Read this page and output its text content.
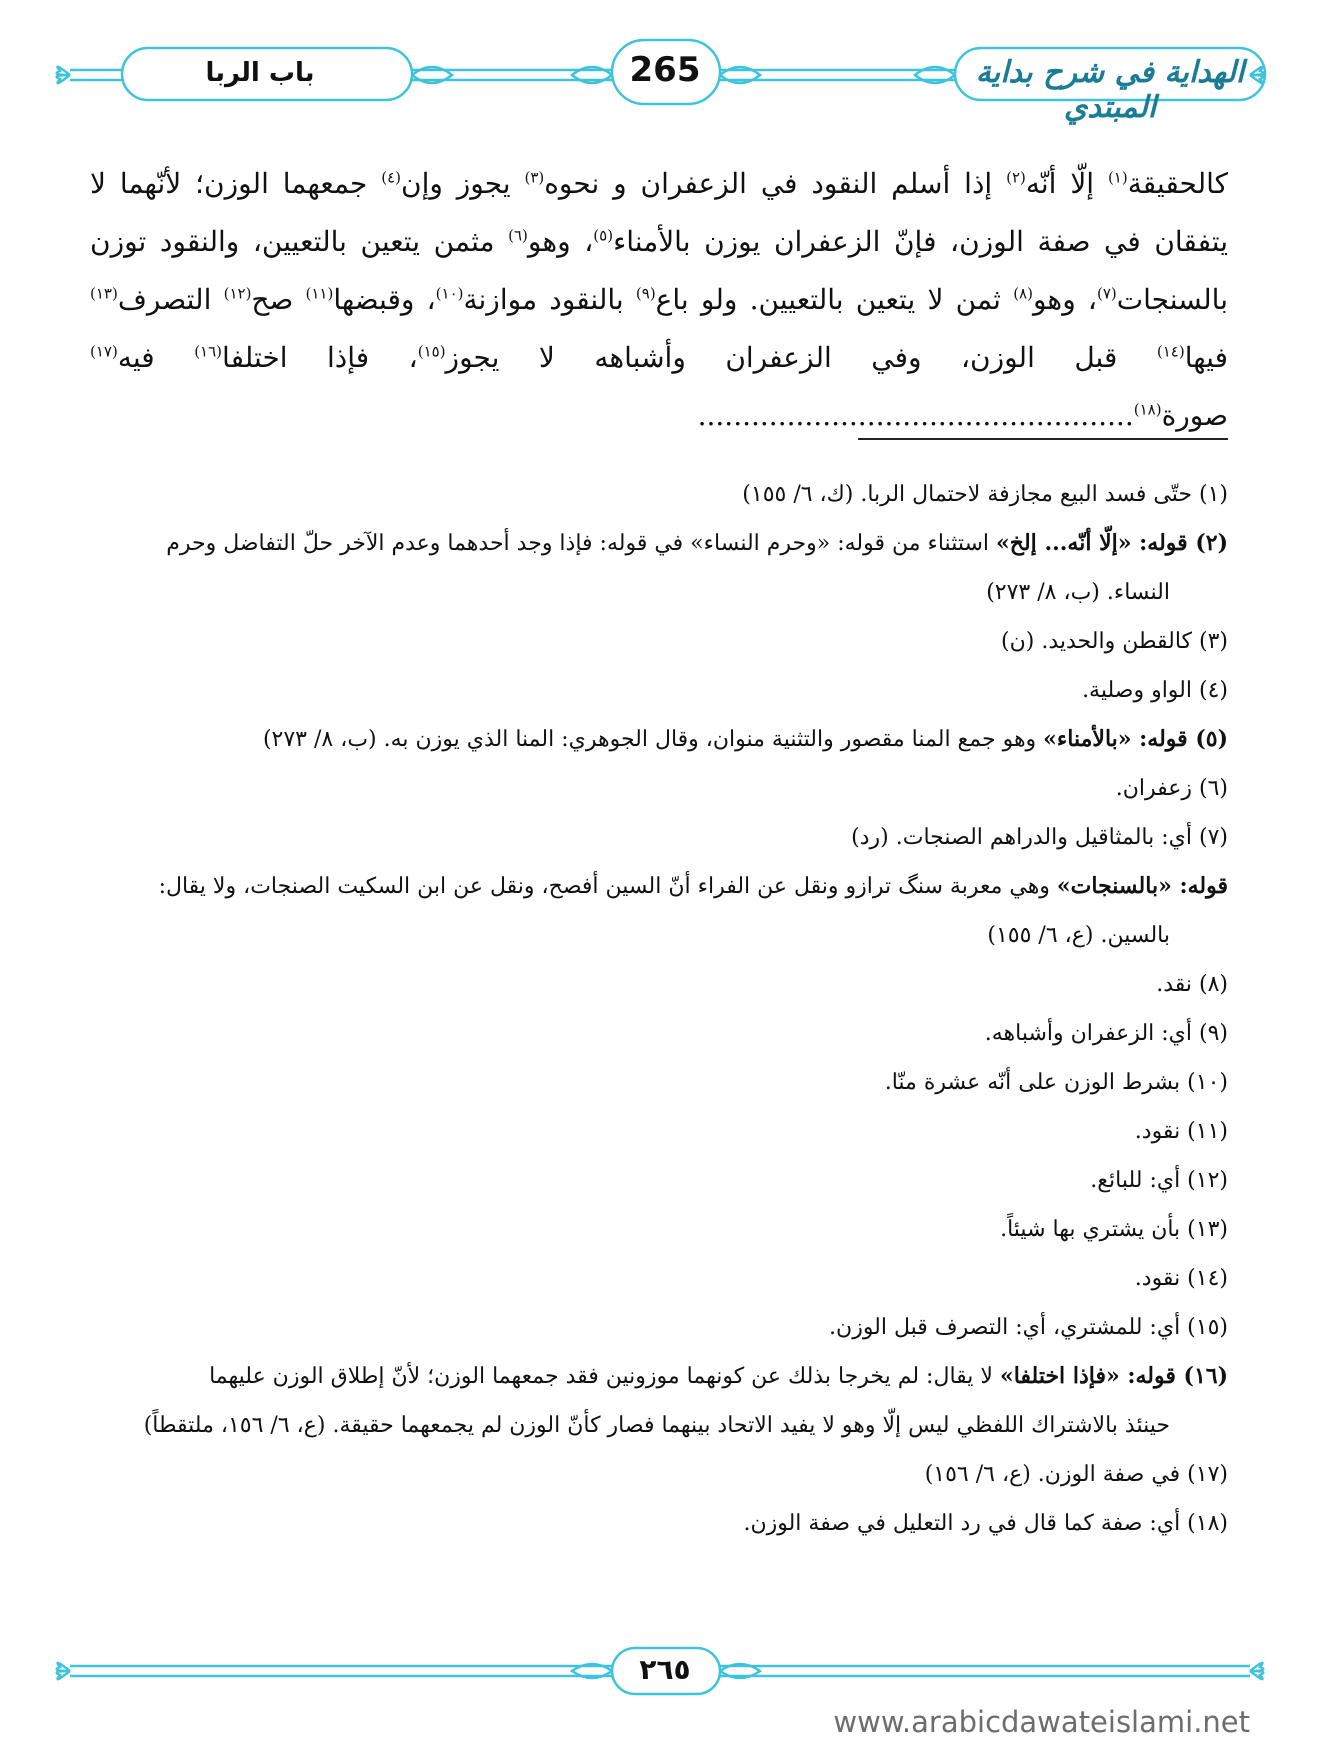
باب الربا	265	الهداية في شرح بداية المبتدي
كالحقيقة$^{(١)}$ إلّا أنّه$^{(٢)}$ إذا أسلم النقود في الزعفران و نحوه$^{(٣)}$ يجوز وإن$^{(٤)}$ جمعهما الوزن؛ لأنّهما لا يتفقان في صفة الوزن، فإنّ الزعفران يوزن بالأمناء$^{(٥)}$، وهو$^{(٦)}$ مثمن يتعين بالتعيين، والنقود توزن بالسنجات$^{(٧)}$، وهو$^{(٨)}$ ثمن لا يتعين بالتعيين. ولو باع$^{(٩)}$ بالنقود موازنة$^{(١٠)}$، وقبضها$^{(١١)}$ صح$^{(١٢)}$ التصرف$^{(١٣)}$ فيها$^{(١٤)}$ قبل الوزن، وفي الزعفران وأشباهه لا يجوز$^{(١٥)}$، فإذا اختلفا$^{(١٦)}$ فيه$^{(١٧)}$ صورة$^{(١٨)}$.................................................
(١) حتّى فسد البيع مجازفة لاحتمال الربا. (ك، ٦/ ١٥٥)
(٢) قوله: «إلّا أنّه... إلخ» استثناء من قوله: «وحرم النساء» في قوله: فإذا وجد أحدهما وعدم الآخر حلّ التفاضل وحرم
النساء. (ب، ٨/ ٢٧٣)
(٣) كالقطن والحديد. (ن)
(٤) الواو وصلية.
(٥) قوله: «بالأمناء» وهو جمع المنا مقصور والتثنية منوان، وقال الجوهري: المنا الذي يوزن به. (ب، ٨/ ٢٧٣)
(٦) زعفران.
(٧) أي: بالمثاقيل والدراهم الصنجات. (رد)
قوله: «بالسنجات» وهي معربة سنگ ترازو ونقل عن الفراء أنّ السين أفصح، ونقل عن ابن السكيت الصنجات، ولا يقال:
بالسين. (ع، ٦/ ١٥٥)
(٨) نقد.
(٩) أي: الزعفران وأشباهه.
(١٠) بشرط الوزن على أنّه عشرة منّا.
(١١) نقود.
(١٢) أي: للبائع.
(١٣) بأن يشتري بها شيئاً.
(١٤) نقود.
(١٥) أي: للمشتري، أي: التصرف قبل الوزن.
(١٦) قوله: «فإذا اختلفا» لا يقال: لم يخرجا بذلك عن كونهما موزونين فقد جمعهما الوزن؛ لأنّ إطلاق الوزن عليهما
حينئذ بالاشتراك اللفظي ليس إلّا وهو لا يفيد الاتحاد بينهما فصار كأنّ الوزن لم يجمعهما حقيقة. (ع، ٦/ ١٥٦، ملتقطاً)
(١٧) في صفة الوزن. (ع، ٦/ ١٥٦)
(١٨) أي: صفة كما قال في رد التعليل في صفة الوزن.
٢٦٥
www.arabicdawateislami.net
